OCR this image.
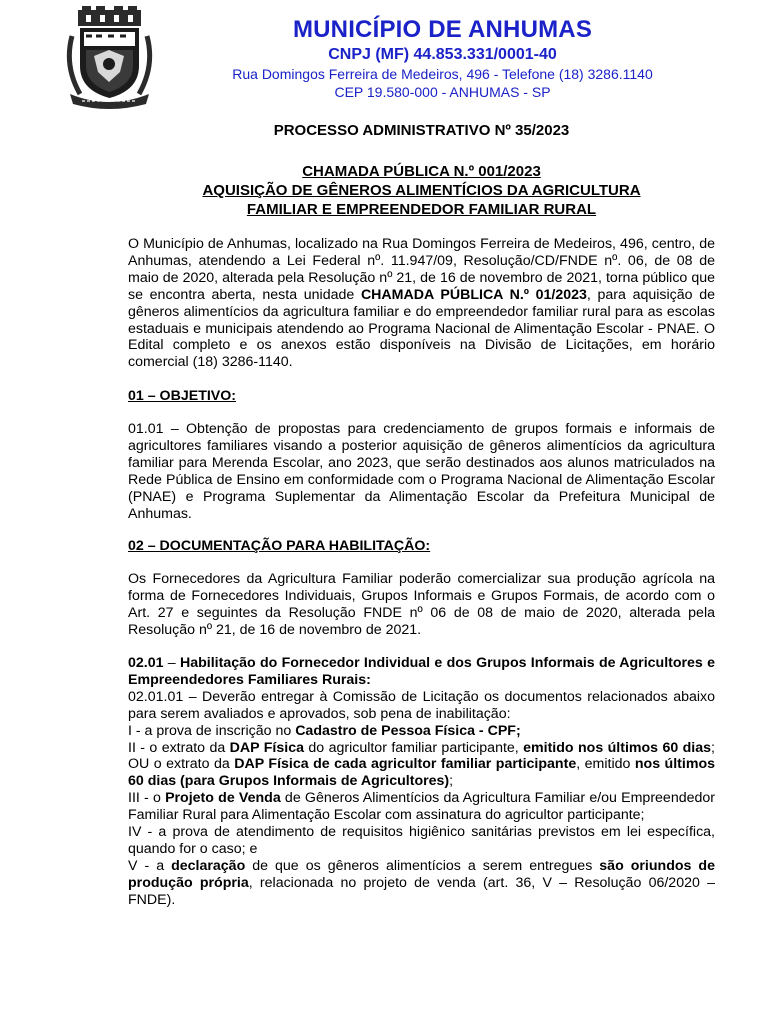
MUNICÍPIO DE ANHUMAS
CNPJ (MF) 44.853.331/0001-40
Rua Domingos Ferreira de Medeiros, 496 - Telefone (18) 3286.1140
CEP 19.580-000 - ANHUMAS - SP
PROCESSO ADMINISTRATIVO Nº 35/2023
CHAMADA PÚBLICA N.º 001/2023
AQUISIÇÃO DE GÊNEROS ALIMENTÍCIOS DA AGRICULTURA
FAMILIAR E EMPREENDEDOR FAMILIAR RURAL
O Município de Anhumas, localizado na Rua Domingos Ferreira de Medeiros, 496, centro, de Anhumas, atendendo a Lei Federal nº. 11.947/09, Resolução/CD/FNDE nº. 06, de 08 de maio de 2020, alterada pela Resolução nº 21, de 16 de novembro de 2021, torna público que se encontra aberta, nesta unidade CHAMADA PÚBLICA N.º 01/2023, para aquisição de gêneros alimentícios da agricultura familiar e do empreendedor familiar rural para as escolas estaduais e municipais atendendo ao Programa Nacional de Alimentação Escolar - PNAE. O Edital completo e os anexos estão disponíveis na Divisão de Licitações, em horário comercial (18) 3286-1140.
01 – OBJETIVO:
01.01 – Obtenção de propostas para credenciamento de grupos formais e informais de agricultores familiares visando a posterior aquisição de gêneros alimentícios da agricultura familiar para Merenda Escolar, ano 2023, que serão destinados aos alunos matriculados na Rede Pública de Ensino em conformidade com o Programa Nacional de Alimentação Escolar (PNAE) e Programa Suplementar da Alimentação Escolar da Prefeitura Municipal de Anhumas.
02 – DOCUMENTAÇÃO PARA HABILITAÇÃO:
Os Fornecedores da Agricultura Familiar poderão comercializar sua produção agrícola na forma de Fornecedores Individuais, Grupos Informais e Grupos Formais, de acordo com o Art. 27 e seguintes da Resolução FNDE nº 06 de 08 de maio de 2020, alterada pela Resolução nº 21, de 16 de novembro de 2021.

02.01 – Habilitação do Fornecedor Individual e dos Grupos Informais de Agricultores e Empreendedores Familiares Rurais:

02.01.01 – Deverão entregar à Comissão de Licitação os documentos relacionados abaixo para serem avaliados e aprovados, sob pena de inabilitação:

I - a prova de inscrição no Cadastro de Pessoa Física - CPF;

II - o extrato da DAP Física do agricultor familiar participante, emitido nos últimos 60 dias; OU o extrato da DAP Física de cada agricultor familiar participante, emitido nos últimos 60 dias (para Grupos Informais de Agricultores);

III - o Projeto de Venda de Gêneros Alimentícios da Agricultura Familiar e/ou Empreendedor Familiar Rural para Alimentação Escolar com assinatura do agricultor participante;

IV - a prova de atendimento de requisitos higiênico sanitárias previstos em lei específica, quando for o caso; e

V - a declaração de que os gêneros alimentícios a serem entregues são oriundos de produção própria, relacionada no projeto de venda (art. 36, V – Resolução 06/2020 – FNDE).
